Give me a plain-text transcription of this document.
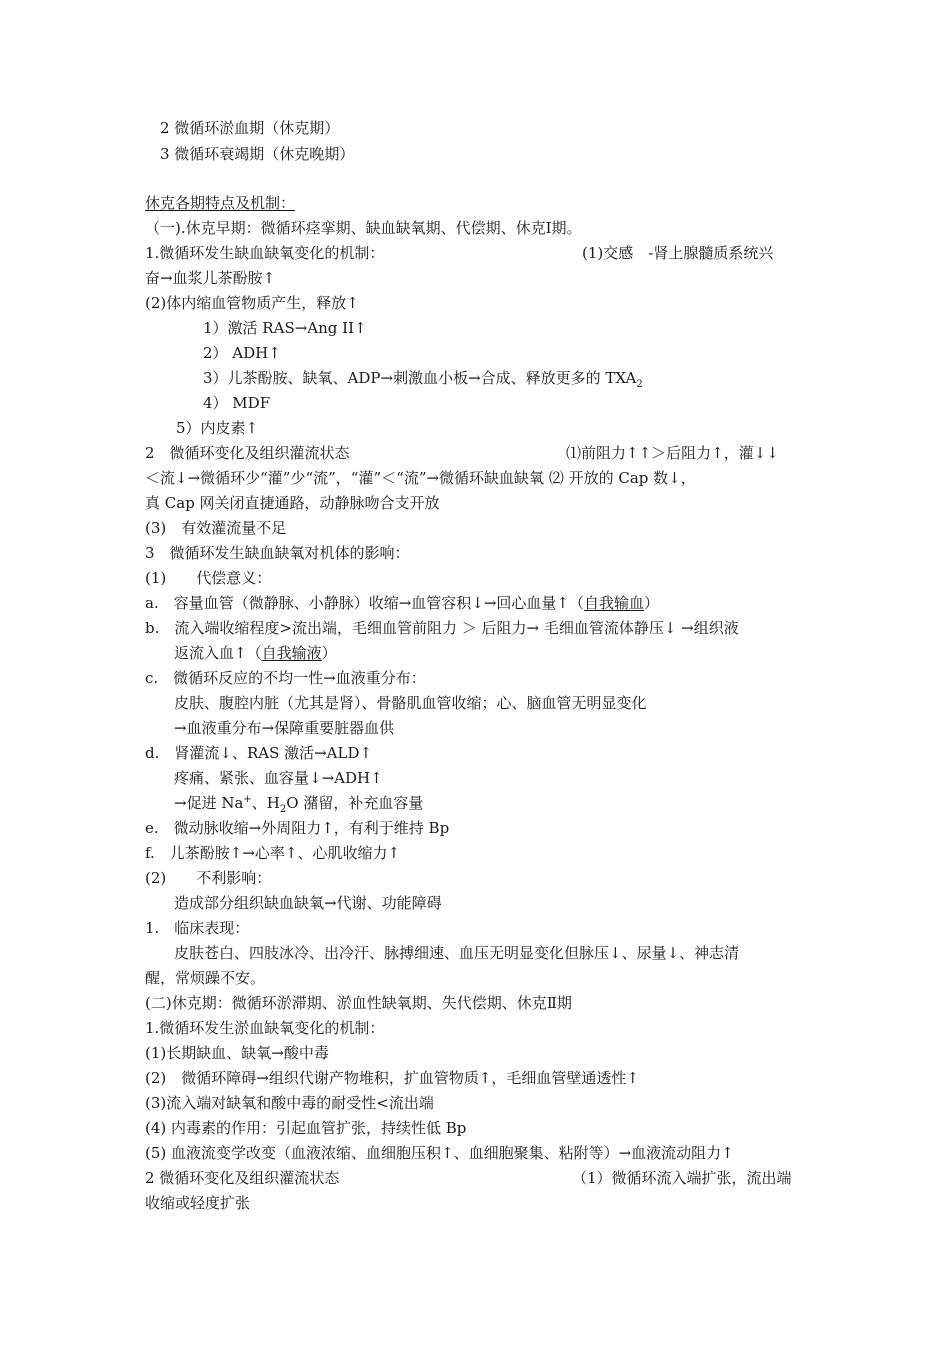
2 微循环淤血期（休克期）
3 微循环衰竭期（休克晚期）
休克各期特点及机制：
（一).休克早期：微循环痉挛期、缺血缺氧期、代偿期、休克Ⅰ期。
1.微循环发生缺血缺氧变化的机制：	(1)交感　-肾上腺髓质系统兴
奋→血浆儿茶酚胺↑
(2)体内缩血管物质产生，释放↑
1）激活 RAS→Ang II↑
2） ADH↑
3）儿茶酚胺、缺氧、ADP→刺激血小板→合成、释放更多的 $TXA_2$
4） MDF
5）内皮素↑
2　微循环变化及组织灌流状态	⑴前阻力↑↑＞后阻力↑，灌↓↓
＜流↓→微循环少“灌”少“流”，“灌”＜“流”→微循环缺血缺氧 ⑵ 开放的 Cap 数↓，
真 Cap 网关闭直捷通路，动静脉吻合支开放
(3)　有效灌流量不足
3　微循环发生缺血缺氧对机体的影响：
(1)　　代偿意义：
a.　容量血管（微静脉、小静脉）收缩→血管容积↓→回心血量↑（自我输血）
b.　流入端收缩程度>流出端，毛细血管前阻力 ＞ 后阻力→ 毛细血管流体静压↓ →组织液
返流入血↑（自我输液）
c.　微循环反应的不均一性→血液重分布：
皮肤、腹腔内脏（尤其是肾）、骨骼肌血管收缩；心、脑血管无明显变化
→血液重分布→保障重要脏器血供
d.　肾灌流↓、RAS 激活→ALD↑
疼痛、紧张、血容量↓→ADH↑
→促进 Na+、$H_2O$ 潴留，补充血容量
e.　微动脉收缩→外周阻力↑，有利于维持 Bp
f.　儿茶酚胺↑→心率↑、心肌收缩力↑
(2)　　不利影响：
造成部分组织缺血缺氧→代谢、功能障碍
1.　临床表现：
皮肤苍白、四肢冰冷、出冷汗、脉搏细速、血压无明显变化但脉压↓、尿量↓、神志清
醒，常烦躁不安。
(二)休克期：微循环淤滞期、淤血性缺氧期、失代偿期、休克Ⅱ期
1.微循环发生淤血缺氧变化的机制：
(1)长期缺血、缺氧→酸中毒
(2)　微循环障碍→组织代谢产物堆积，扩血管物质↑，毛细血管壁通透性↑
(3)流入端对缺氧和酸中毒的耐受性<流出端
(4) 内毒素的作用：引起血管扩张，持续性低 Bp
(5) 血液流变学改变（血液浓缩、血细胞压积↑、血细胞聚集、粘附等）→血液流动阻力↑
2 微循环变化及组织灌流状态	（1）微循环流入端扩张，流出端
收缩或轻度扩张
